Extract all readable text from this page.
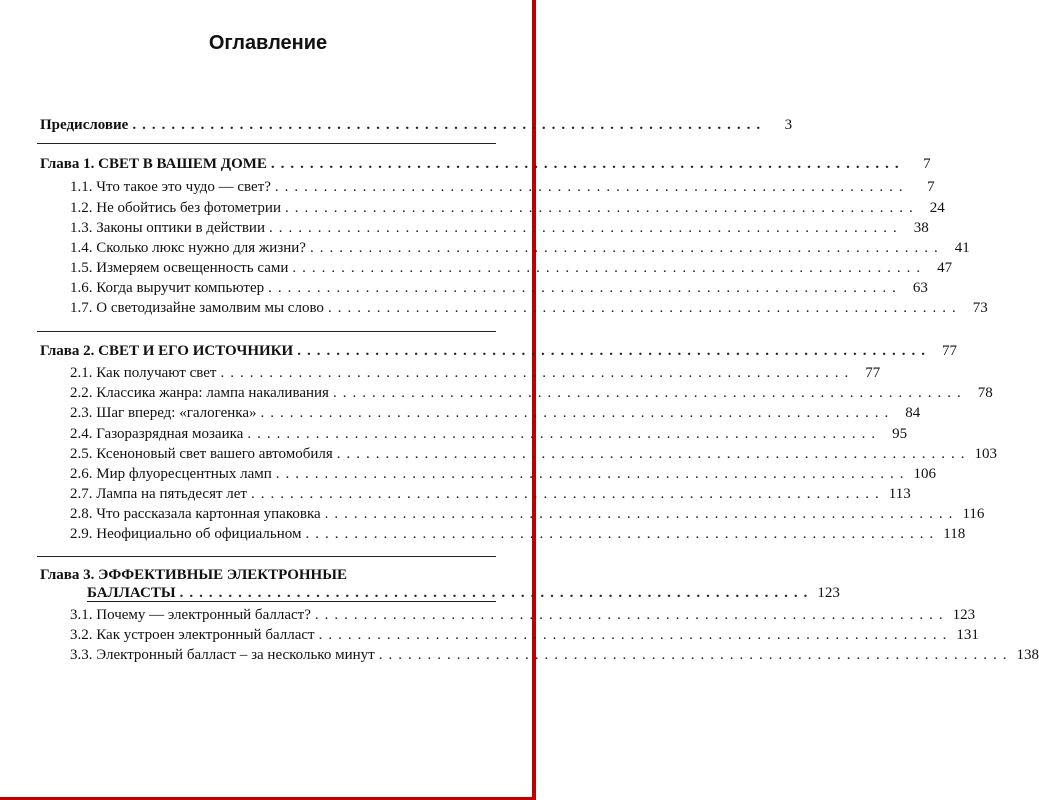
Оглавление
Предисловие .................................................................	3
Глава 1. СВЕТ В ВАШЕМ ДОМЕ .................................................................	7
1.1. Что такое это чудо — свет? .................................................................	7
1.2. Не обойтись без фотометрии ................................................................. 24
1.3. Законы оптики в действии ................................................................. 38
1.4. Сколько люкс нужно для жизни? ................................................................. 41
1.5. Измеряем освещенность сами ................................................................. 47
1.6. Когда выручит компьютер ................................................................. 63
1.7. О светодизайне замолвим мы слово ................................................................. 73
Глава 2. СВЕТ И ЕГО ИСТОЧНИКИ ................................................................. 77
2.1. Как получают свет ................................................................. 77
2.2. Классика жанра: лампа накаливания ................................................................. 78
2.3. Шаг вперед: «галогенка» ................................................................. 84
2.4. Газоразрядная мозаика ................................................................. 95
2.5. Ксеноновый свет вашего автомобиля ................................................................. 103
2.6. Мир флуоресцентных ламп ................................................................. 106
2.7. Лампа на пятьдесят лет ................................................................. 113
2.8. Что рассказала картонная упаковка ................................................................. 116
2.9. Неофициально об официальном ................................................................. 118
Глава 3. ЭФФЕКТИВНЫЕ ЭЛЕКТРОННЫЕ
БАЛЛАСТЫ ................................................................. 123
3.1. Почему — электронный балласт? ................................................................. 123
3.2. Как устроен электронный балласт ................................................................. 131
3.3. Электронный балласт – за несколько минут ................................................................. 138
